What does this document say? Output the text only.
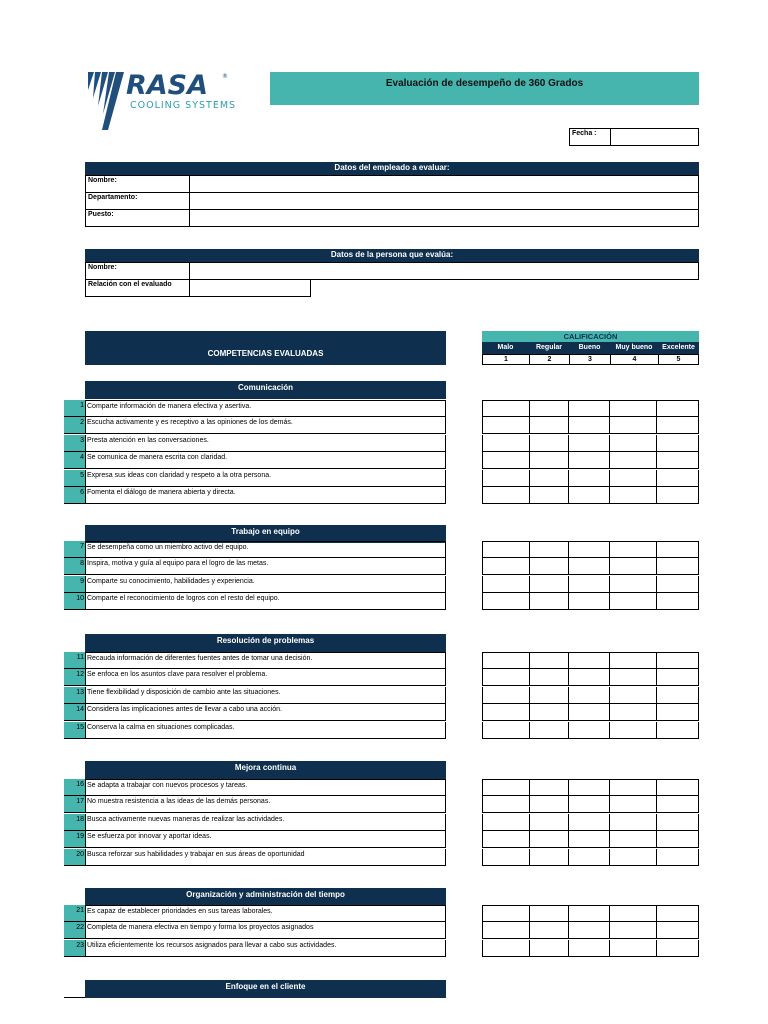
RASA ®
COOLING SYSTEMS
Evaluación de desempeño de 360 Grados
Fecha :
Datos del empleado a evaluar:
Nombre:
Departamento:
Puesto:
Datos de la persona que evalúa:
Nombre:
Relación con el evaluado
COMPETENCIAS EVALUADAS
CALIFICACIÓN
Malo	Regular	Bueno	Muy bueno	Excelente
1	2	3	4	5
Comunicación
1 Comparte información de manera efectiva y asertiva.
2 Escucha activamente y es receptivo a las opiniones de los demás.
3 Presta atención en las conversaciones.
4 Se comunica de manera escrita con claridad.
5 Expresa sus ideas con claridad y respeto a la otra persona.
6 Fomenta el diálogo de manera abierta y directa.
Trabajo en equipo
7 Se desempeña como un miembro activo del equipo.
8 Inspira, motiva y guía al equipo para el logro de las metas.
9 Comparte su conocimiento, habilidades y experiencia.
10 Comparte el reconocimiento de logros con el resto del equipo.
Resolución de problemas
11 Recauda información de diferentes fuentes antes de tomar una decisión.
12 Se enfoca en los asuntos clave para resolver el problema.
13 Tiene flexibilidad y disposición de cambio ante las situaciones.
14 Considera las implicaciones antes de llevar a cabo una acción.
15 Conserva la calma en situaciones complicadas.
Mejora continua
16 Se adapta a trabajar con nuevos procesos y tareas.
17 No muestra resistencia a las ideas de las demás personas.
18 Busca activamente nuevas maneras de realizar las actividades.
19 Se esfuerza por innovar y aportar ideas.
20 Busca reforzar sus habilidades y trabajar en sus áreas de oportunidad
Organización y administración del tiempo
21 Es capaz de establecer prioridades en sus tareas laborales.
22 Completa de manera efectiva en tiempo y forma los proyectos asignados
23 Utiliza eficientemente los recursos asignados para llevar a cabo sus actividades.
Enfoque en el cliente
